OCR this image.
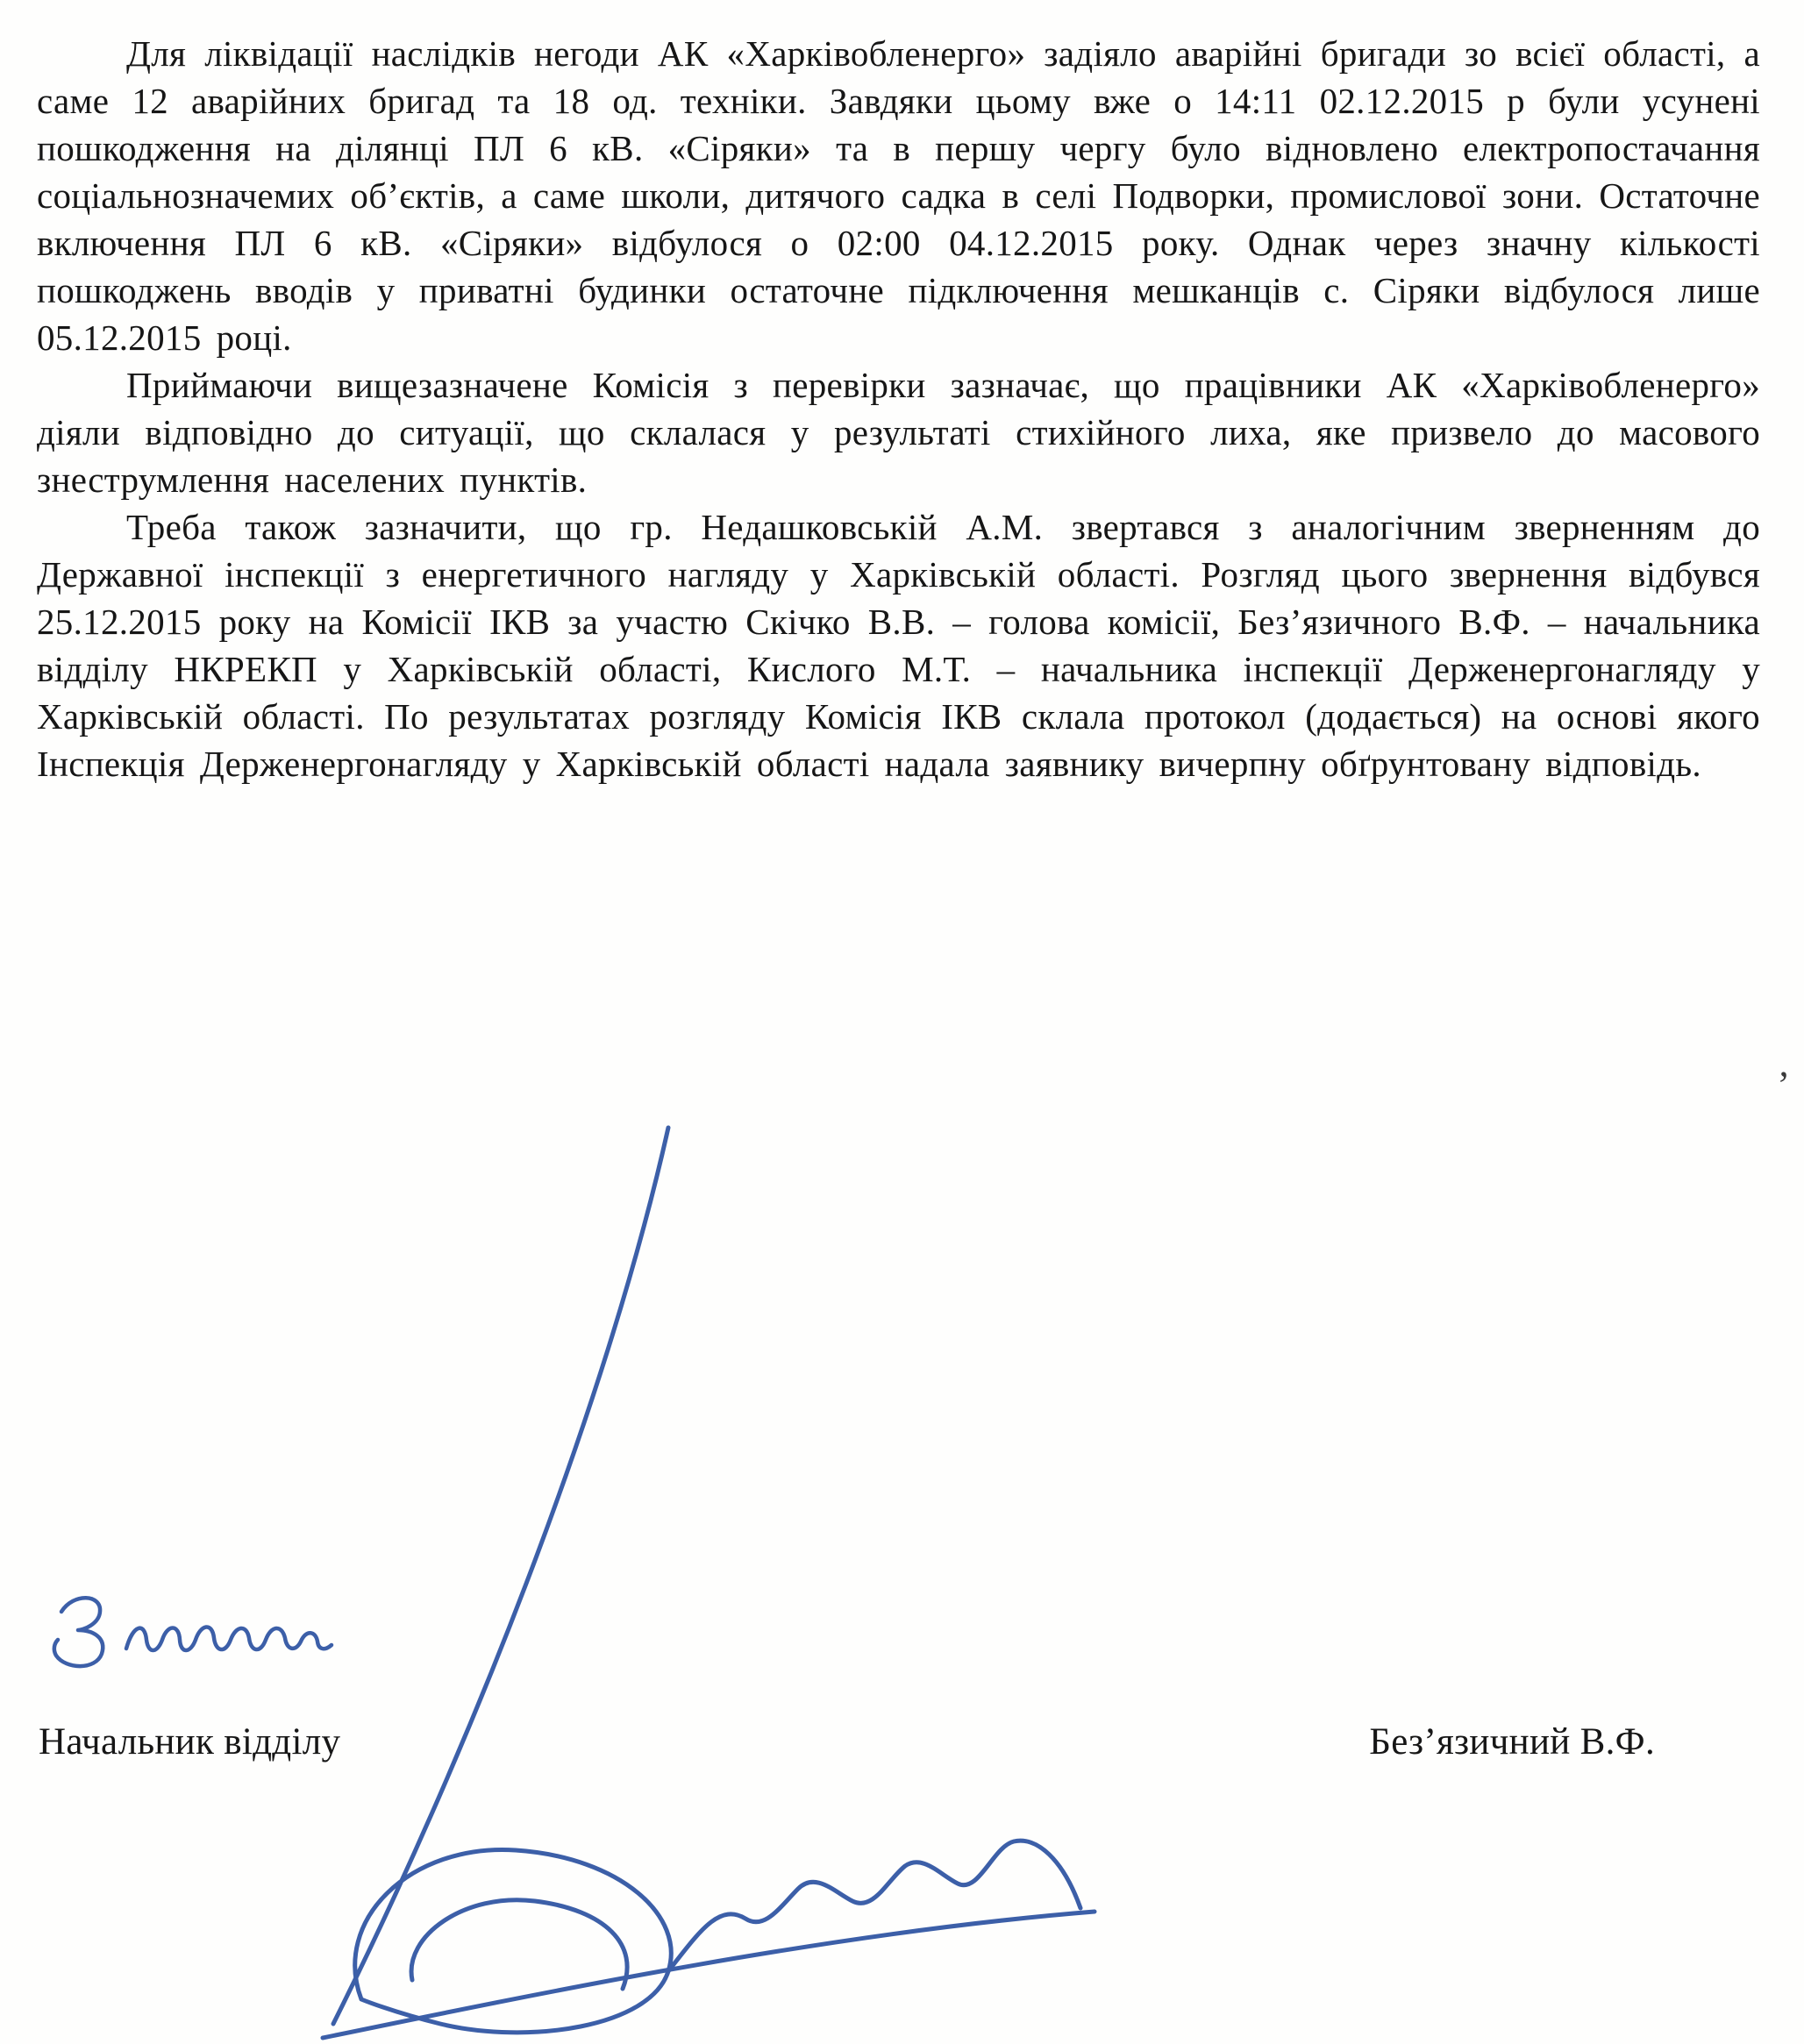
Для ліквідації наслідків негоди АК «Харківобленерго» задіяло аварійні бригади зо всієї області, а саме 12 аварійних бригад та 18 од. техніки. Завдяки цьому вже о 14:11 02.12.2015 р були усунені пошкодження на ділянці ПЛ 6 кВ. «Сіряки» та в першу чергу було відновлено електропостачання соціальнозначемих об’єктів, а саме школи, дитячого садка в селі Подворки, промислової зони. Остаточне включення ПЛ 6 кВ. «Сіряки» відбулося о 02:00 04.12.2015 року. Однак через значну кількості пошкоджень вводів у приватні будинки остаточне підключення мешканців с. Сіряки відбулося лише 05.12.2015 році.

Приймаючи вищезазначене Комісія з перевірки зазначає, що працівники АК «Харківобленерго» діяли відповідно до ситуації, що склалася у результаті стихійного лиха, яке призвело до масового знеструмлення населених пунктів.

Треба також зазначити, що гр. Недашковській А.М. звертався з аналогічним зверненням до Державної інспекції з енергетичного нагляду у Харківській області. Розгляд цього звернення відбувся 25.12.2015 року на Комісії ІКВ за участю Скічко В.В. – голова комісії, Без’язичного В.Ф. – начальника відділу НКРЕКП у Харківській області, Кислого М.Т. – начальника інспекції Держенергонагляду у Харківській області. По результатах розгляду Комісія ІКВ склала протокол (додається) на основі якого Інспекція Держенергонагляду у Харківській області надала заявнику вичерпну обґрунтовану відповідь.

ʼ
Начальник відділу	Без’язичний В.Ф.
